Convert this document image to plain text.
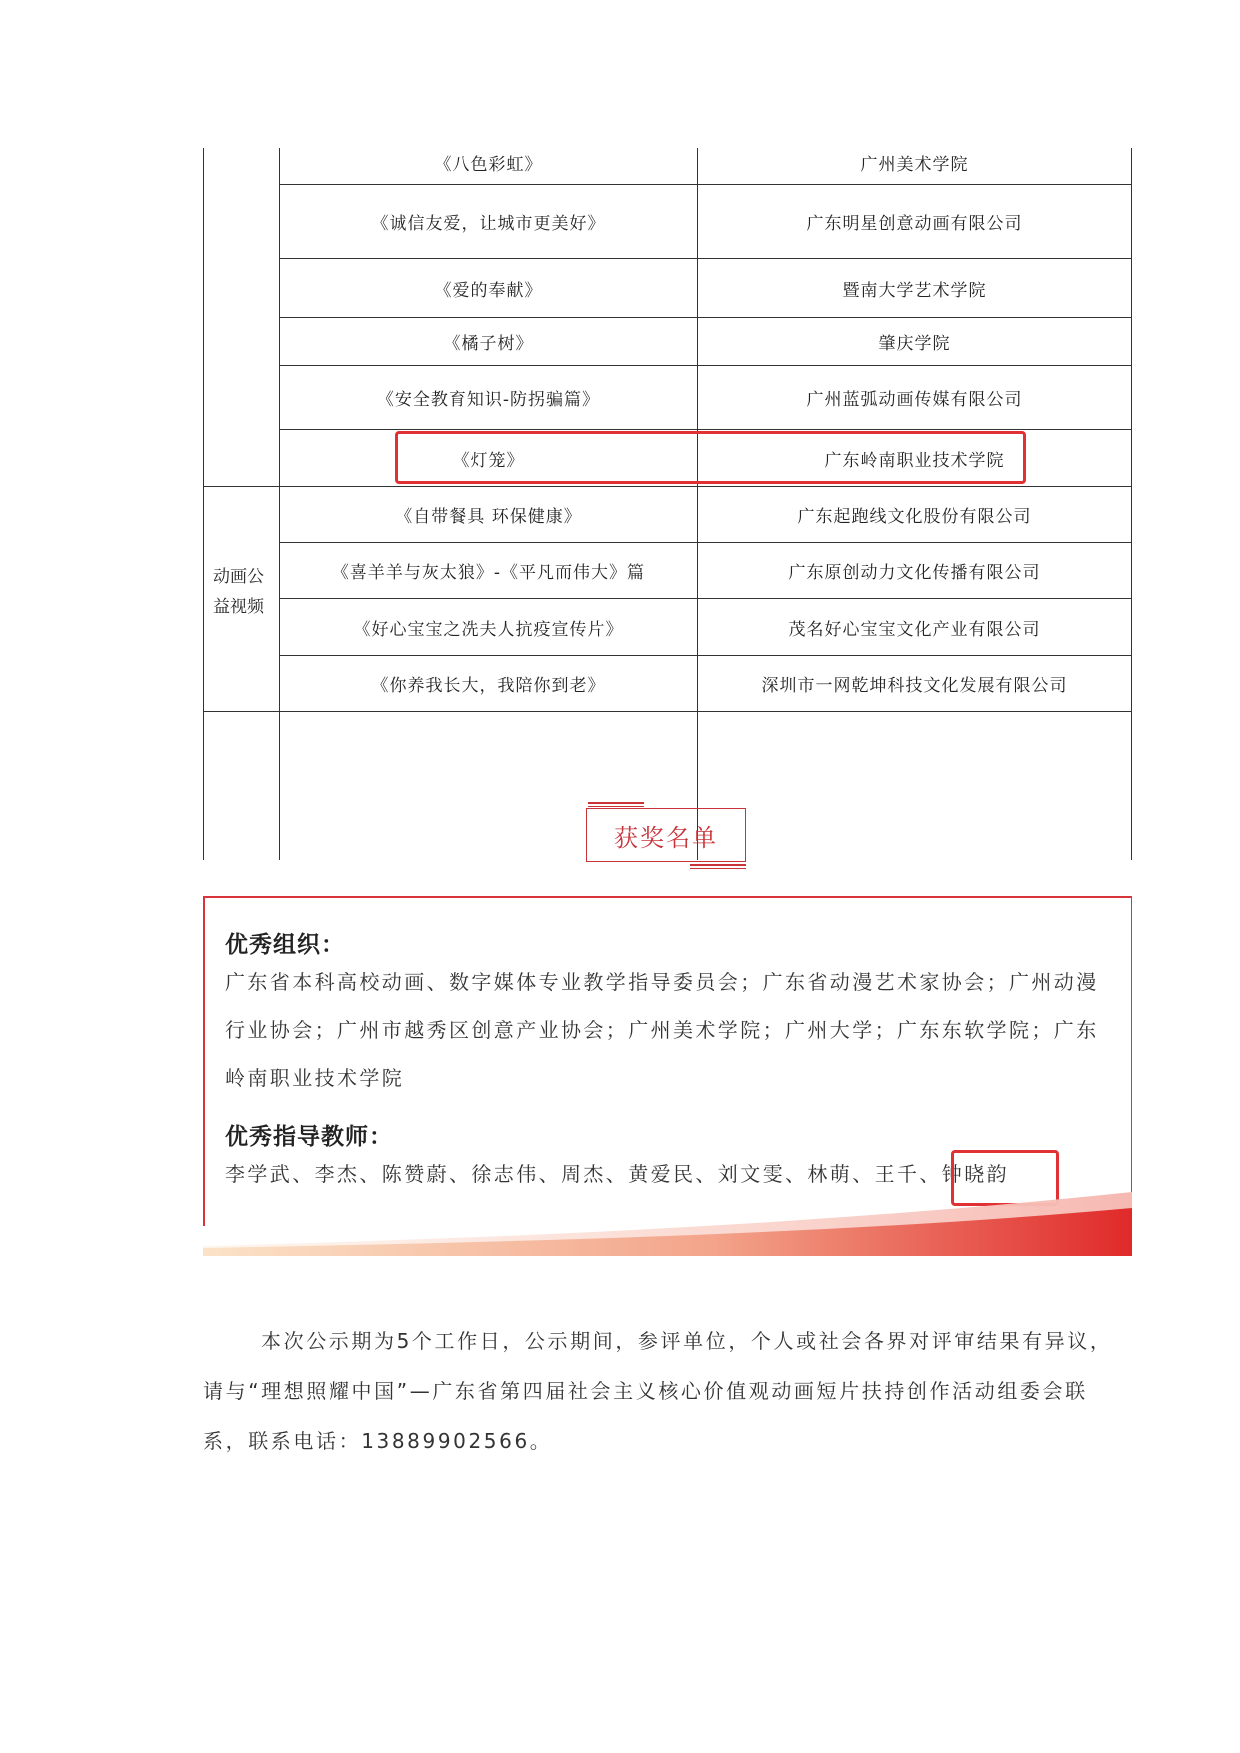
动画公
益视频
《八色彩虹》	广州美术学院
《诚信友爱，让城市更美好》	广东明星创意动画有限公司
《爱的奉献》	暨南大学艺术学院
《橘子树》	肇庆学院
《安全教育知识-防拐骗篇》	广州蓝弧动画传媒有限公司
《灯笼》	广东岭南职业技术学院
《自带餐具 环保健康》	广东起跑线文化股份有限公司
《喜羊羊与灰太狼》-《平凡而伟大》篇	广东原创动力文化传播有限公司
《好心宝宝之冼夫人抗疫宣传片》	茂名好心宝宝文化产业有限公司
《你养我长大，我陪你到老》	深圳市一网乾坤科技文化发展有限公司
获奖名单
优秀组织：
广东省本科高校动画、数字媒体专业教学指导委员会；广东省动漫艺术家协会；广州动漫行业协会；广州市越秀区创意产业协会；广州美术学院；广州大学；广东东软学院；广东岭南职业技术学院
优秀指导教师：
李学武、李杰、陈赞蔚、徐志伟、周杰、黄爱民、刘文雯、林萌、王千、钟晓韵
本次公示期为5个工作日，公示期间，参评单位，个人或社会各界对评审结果有异议，请与“理想照耀中国”—广东省第四届社会主义核心价值观动画短片扶持创作活动组委会联系，联系电话：13889902566。
